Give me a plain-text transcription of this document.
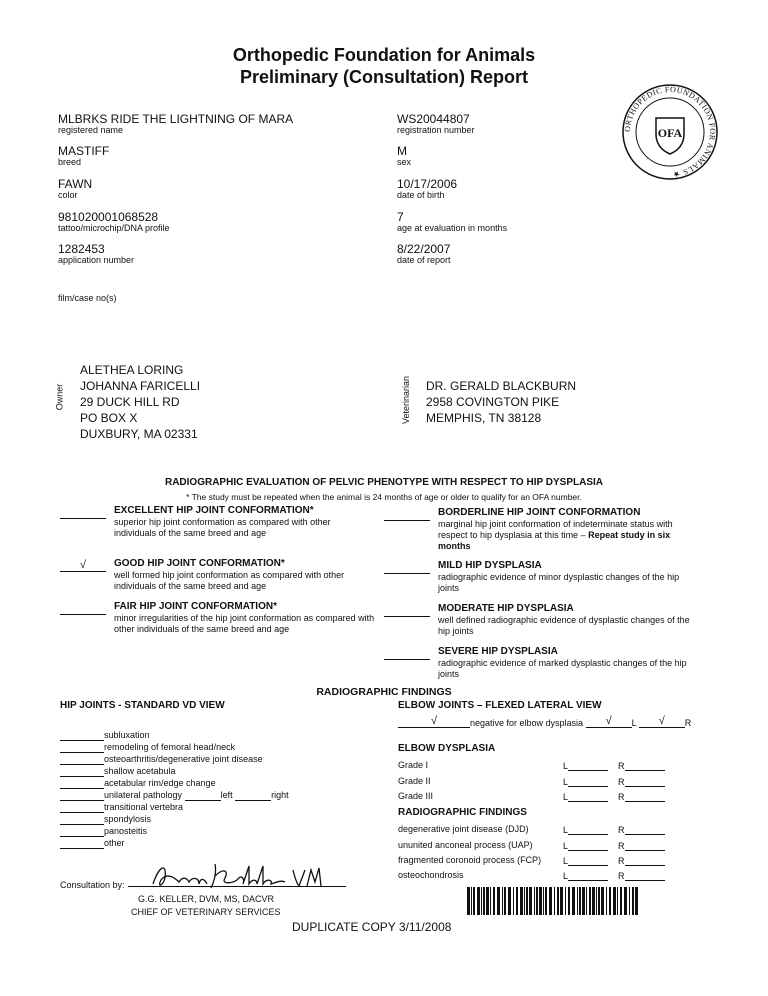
Orthopedic Foundation for Animals
Preliminary (Consultation) Report
ORTHOPEDIC FOUNDATION FOR ANIMALS ★
OFA
MLBRKS RIDE THE LIGHTNING OF MARA
registered name
MASTIFF
breed
FAWN
color
981020001068528
tattoo/microchip/DNA profile
1282453
application number
film/case no(s)
WS20044807
registration number
M
sex
10/17/2006
date of birth
7
age at evaluation in months
8/22/2007
date of report
Owner
ALETHEA LORING
JOHANNA FARICELLI
29 DUCK HILL RD
PO BOX X
DUXBURY, MA 02331
Veterinarian DR. GERALD BLACKBURN
2958 COVINGTON PIKE
MEMPHIS, TN 38128
RADIOGRAPHIC EVALUATION OF PELVIC PHENOTYPE WITH RESPECT TO HIP DYSPLASIA
* The study must be repeated when the animal is 24 months of age or older to qualify for an OFA number.
EXCELLENT HIP JOINT CONFORMATION*
superior hip joint conformation as compared with other individuals of the same breed and age
√	GOOD HIP JOINT CONFORMATION*
well formed hip joint conformation as compared with other individuals of the same breed and age
FAIR HIP JOINT CONFORMATION*
minor irregularities of the hip joint conformation as compared with other individuals of the same breed and age
BORDERLINE HIP JOINT CONFORMATION
marginal hip joint conformation of indeterminate status with respect to hip dysplasia at this time – Repeat study in six months
MILD HIP DYSPLASIA
radiographic evidence of minor dysplastic changes of the hip joints
MODERATE HIP DYSPLASIA
well defined radiographic evidence of dysplastic changes of the hip joints
SEVERE HIP DYSPLASIA
radiographic evidence of marked dysplastic changes of the hip joints
RADIOGRAPHIC FINDINGS
HIP JOINTS - STANDARD VD VIEW
subluxation
remodeling of femoral head/neck
osteoarthritis/degenerative joint disease
shallow acetabula
acetabular rim/edge change
unilateral pathology	left	right
transitional vertebra
spondylosis
panosteitis
other
ELBOW JOINTS – FLEXED LATERAL VIEW
√	negative for elbow dysplasia √ L √ R
ELBOW DYSPLASIA
Grade I	L	R
Grade II	L	R
Grade III	L	R
RADIOGRAPHIC FINDINGS
degenerative joint disease (DJD)	L	R
ununited anconeal process (UAP)	L	R
fragmented coronoid process (FCP) L	R
osteochondrosis	L	R
Consultation by:
G.G. KELLER, DVM, MS, DACVR
CHIEF OF VETERINARY SERVICES
DUPLICATE COPY 3/11/2008
